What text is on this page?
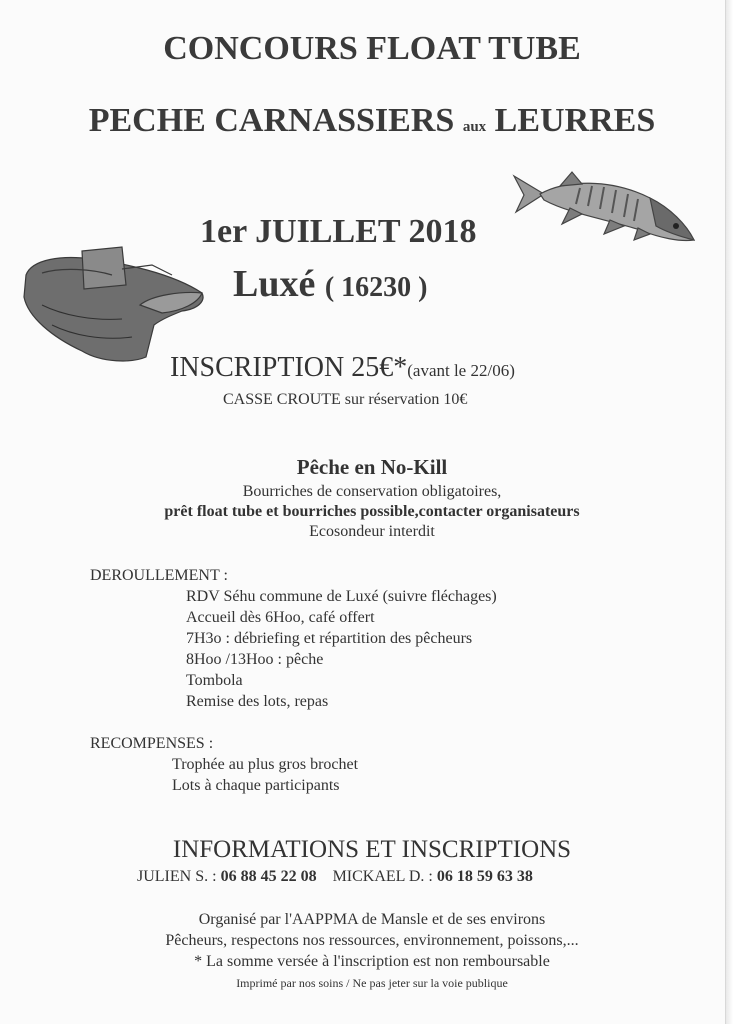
CONCOURS FLOAT TUBE
PECHE CARNASSIERS aux LEURRES
1er JUILLET 2018
Luxé ( 16230 )
INSCRIPTION 25€*(avant le 22/06)
CASSE CROUTE sur réservation 10€
Pêche en No-Kill
Bourriches de conservation obligatoires,
prêt float tube et bourriches possible,contacter organisateurs
Ecosondeur interdit
DEROULLEMENT :
RDV Séhu commune de Luxé (suivre fléchages)
Accueil dès 6Hoo, café offert
7H3o : débriefing et répartition des pêcheurs
8Hoo /13Hoo : pêche
Tombola
Remise des lots, repas
RECOMPENSES :
Trophée au plus gros brochet
Lots à chaque participants
INFORMATIONS ET INSCRIPTIONS
JULIEN S. : 06 88 45 22 08 MICKAEL D. : 06 18 59 63 38
Organisé par l'AAPPMA de Mansle et de ses environs
Pêcheurs, respectons nos ressources, environnement, poissons,...
* La somme versée à l'inscription est non remboursable
Imprimé par nos soins / Ne pas jeter sur la voie publique
